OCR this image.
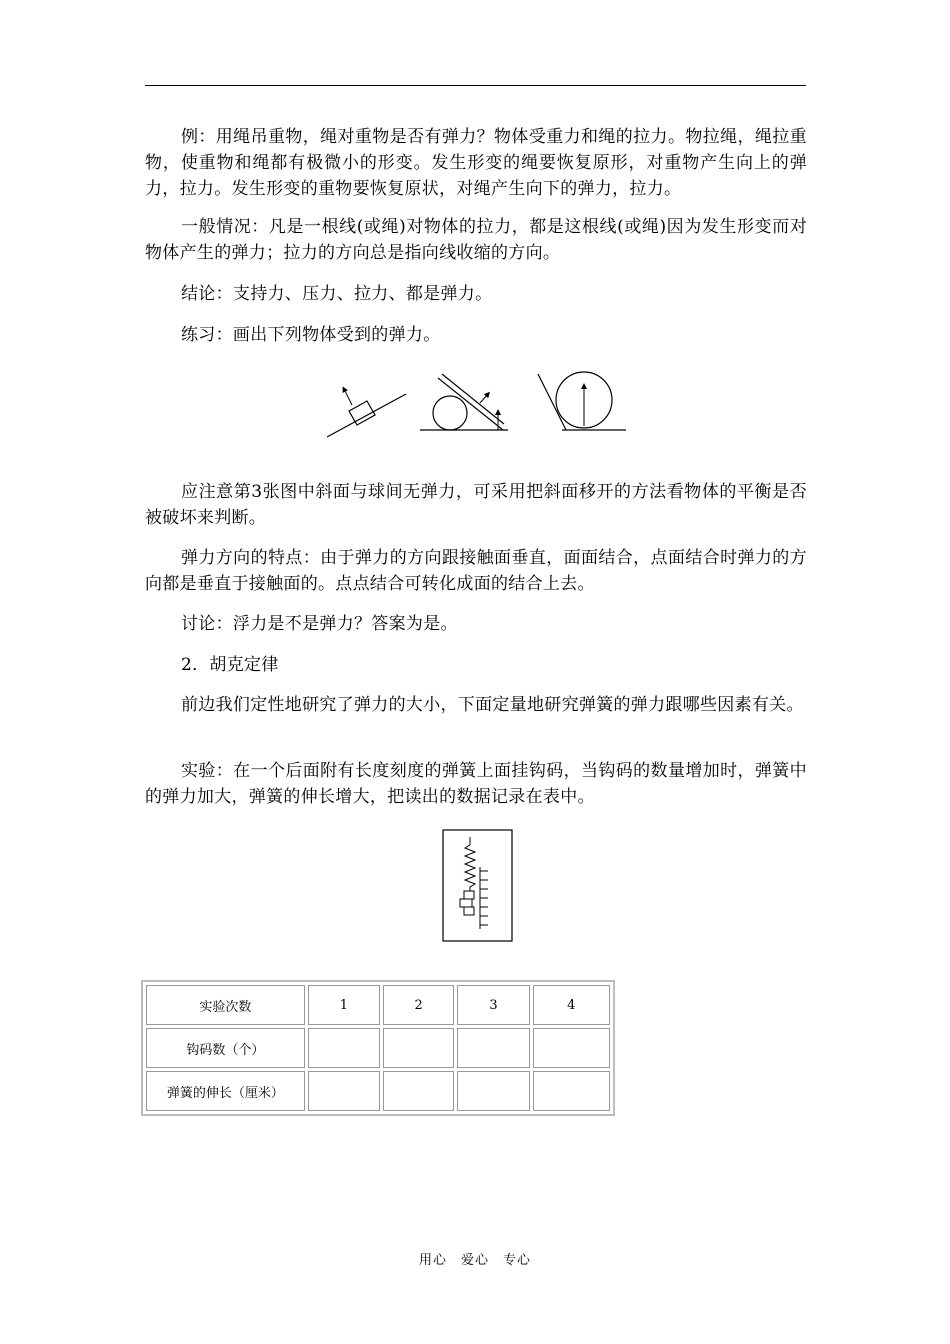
例：用绳吊重物，绳对重物是否有弹力？物体受重力和绳的拉力。物拉绳，绳拉重物，使重物和绳都有极微小的形变。发生形变的绳要恢复原形，对重物产生向上的弹力，拉力。发生形变的重物要恢复原状，对绳产生向下的弹力，拉力。

一般情况：凡是一根线(或绳)对物体的拉力，都是这根线(或绳)因为发生形变而对物体产生的弹力；拉力的方向总是指向线收缩的方向。

结论：支持力、压力、拉力、都是弹力。

练习：画出下列物体受到的弹力。

应注意第3张图中斜面与球间无弹力，可采用把斜面移开的方法看物体的平衡是否被破坏来判断。

弹力方向的特点：由于弹力的方向跟接触面垂直，面面结合，点面结合时弹力的方向都是垂直于接触面的。点点结合可转化成面的结合上去。

讨论：浮力是不是弹力？答案为是。

2．胡克定律

前边我们定性地研究了弹力的大小，下面定量地研究弹簧的弹力跟哪些因素有关。

实验：在一个后面附有长度刻度的弹簧上面挂钩码，当钩码的数量增加时，弹簧中的弹力加大，弹簧的伸长增大，把读出的数据记录在表中。

实验次数	1	2	3	4
钩码数（个）				
弹簧的伸长（厘米）				
用心　爱心　专心
